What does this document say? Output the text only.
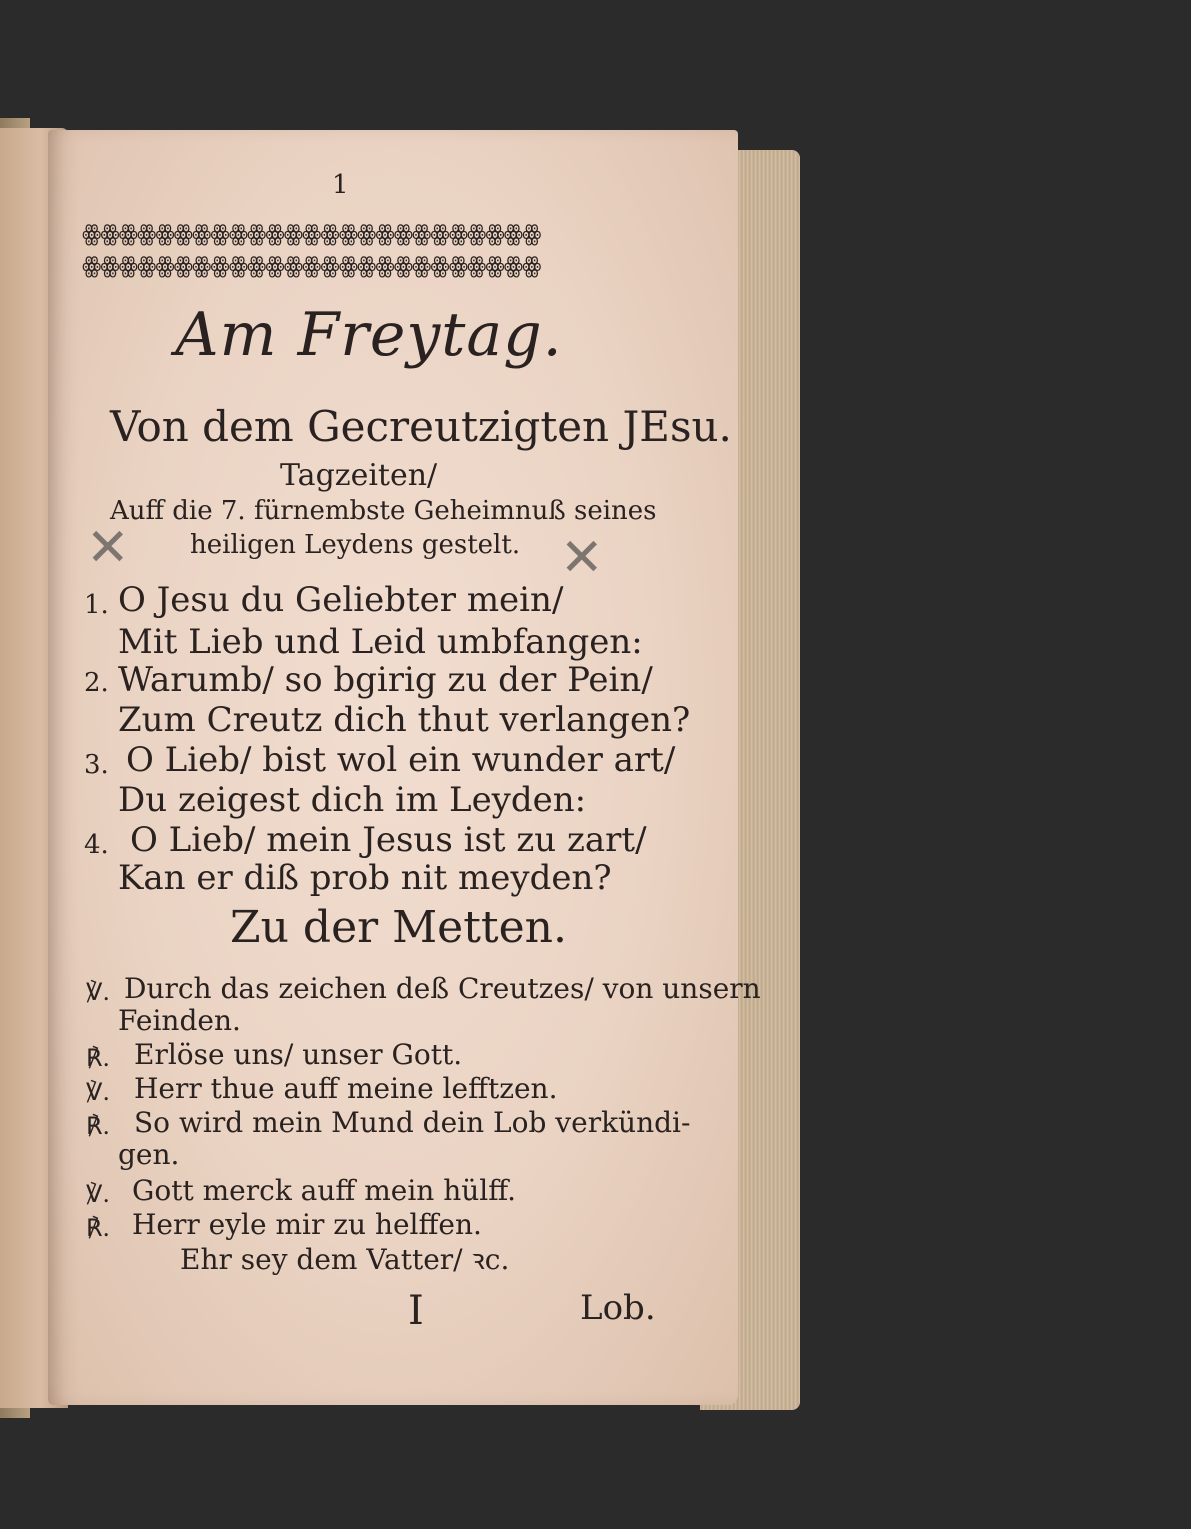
1
ꙮꙮꙮꙮꙮꙮꙮꙮꙮꙮꙮꙮꙮꙮꙮꙮꙮꙮꙮꙮꙮꙮꙮꙮꙮ
ꙮꙮꙮꙮꙮꙮꙮꙮꙮꙮꙮꙮꙮꙮꙮꙮꙮꙮꙮꙮꙮꙮꙮꙮꙮ
Am Freytag.
Von dem Gecreutzigten JEsu.
Tagzeiten/
Auff die 7. fürnembste Geheimnuß seines
heiligen Leydens gestelt.
✕	✕
1. O Jesu du Geliebter mein/
Mit Lieb und Leid umbfangen:
2. Warumb/ so bgirig zu der Pein/
Zum Creutz dich thut verlangen?
3. O Lieb/ bist wol ein wunder art/
Du zeigest dich im Leyden:
4. O Lieb/ mein Jesus ist zu zart/
Kan er diß prob nit meyden?
Zu der Metten.
℣. Durch das zeichen deß Creutzes/ von unsern
Feinden.
℟. Erlöse uns/ unser Gott.
℣. Herr thue auff meine lefftzen.
℟. So wird mein Mund dein Lob verkündi-
gen.
℣. Gott merck auff mein hülff.
℟. Herr eyle mir zu helffen.
Ehr sey dem Vatter/ ꝛc.
I	Lob.
